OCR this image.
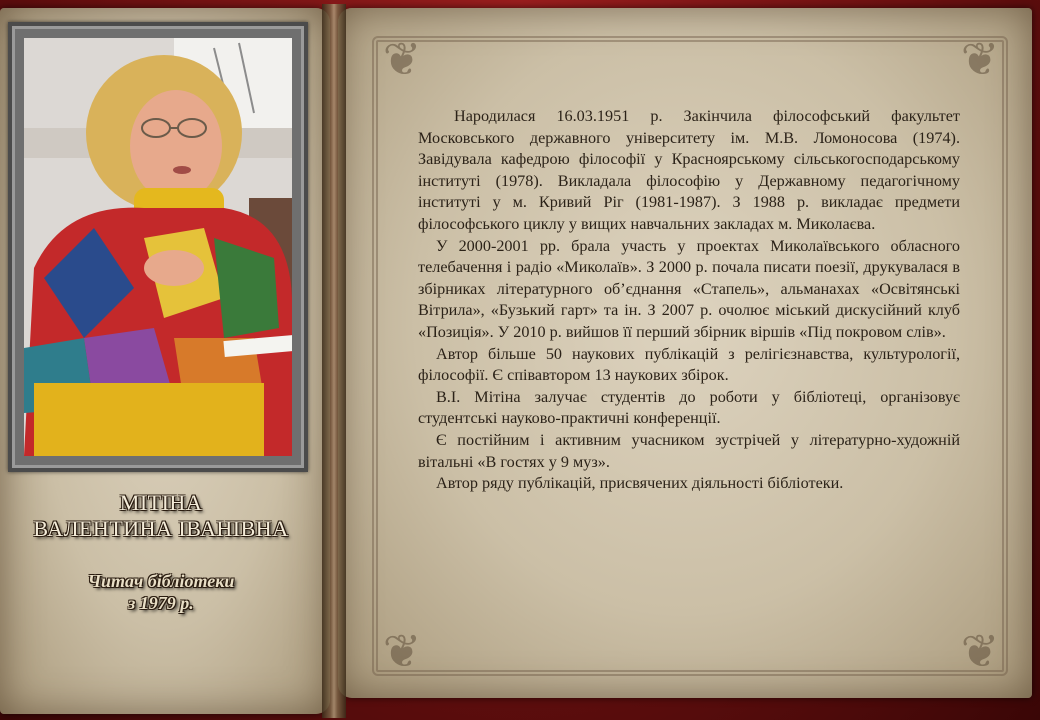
❦	❦
❦	❦
МІТІНА
ВАЛЕНТИНА ІВАНІВНА
Читач бібліотеки
з 1979 р.

Народилася 16.03.1951 р. Закінчила філософський факультет Московського державного університету ім. М.В. Ломоносова (1974). Завідувала кафедрою філософії у Красноярському сільськогосподарському інституті (1978). Викладала філософію у Державному педагогічному інституті у м. Кривий Ріг (1981-1987). З 1988 р. викладає предмети філософського циклу у вищих навчальних закладах м. Миколаєва.

У 2000-2001 рр. брала участь у проектах Миколаївського обласного телебачення і радіо «Миколаїв». З 2000 р. почала писати поезії, друкувалася в збірниках літературного об’єднання «Стапель», альманахах «Освітянські Вітрила», «Бузький гарт» та ін. З 2007 р. очолює міський дискусійний клуб «Позиція». У 2010 р. вийшов її перший збірник віршів «Під покровом слів».

Автор більше 50 наукових публікацій з релігієзнавства, культурології, філософії. Є співавтором 13 наукових збірок.

В.І. Мітіна залучає студентів до роботи у бібліотеці, організовує студентські науково-практичні конференції.

Є постійним і активним учасником зустрічей у літературно-художній вітальні «В гостях у 9 муз».

Автор ряду публікацій, присвячених діяльності бібліотеки.
